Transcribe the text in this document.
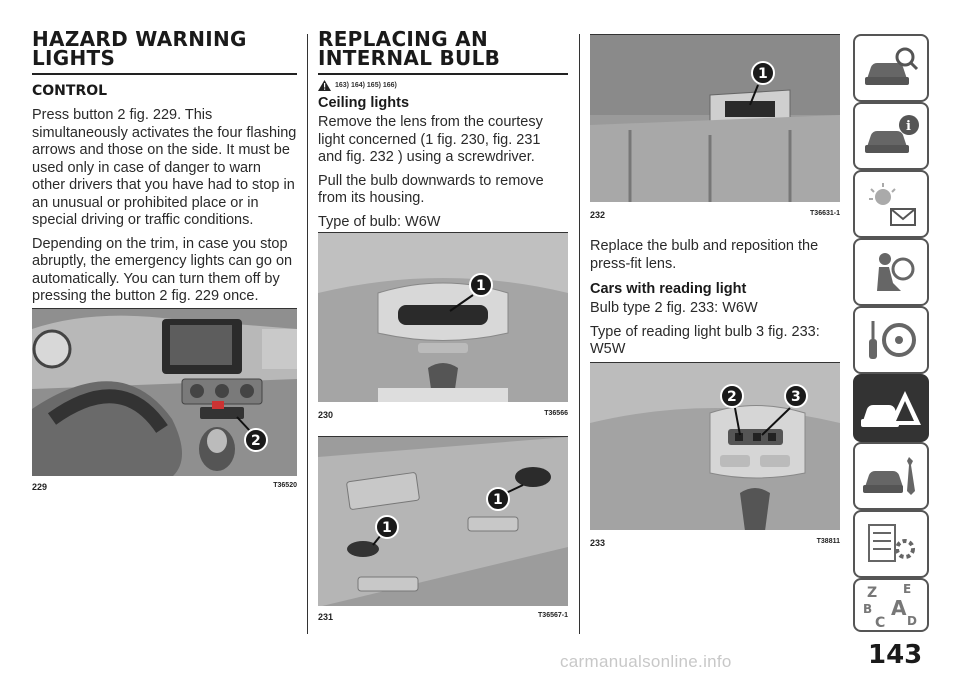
HAZARD WARNING
LIGHTS
CONTROL

Press button 2 fig. 229. This simultaneously activates the four flashing arrows and those on the side. It must be used only in case of danger to warn other drivers that you have had to stop in an unusual or prohibited place or in special driving or traffic conditions.

Depending on the trim, in case you stop abruptly, the emergency lights can go on automatically. You can turn them off by pressing the button 2 fig. 229 once.

2
229	T36520
REPLACING AN
INTERNAL BULB
163) 164) 165) 166)
Ceiling lights

Remove the lens from the courtesy light concerned (1 fig. 230, fig. 231 and fig. 232 ) using a screwdriver.

Pull the bulb downwards to remove from its housing.

Type of bulb: W6W

1
230	T36566
1
1
231	T36567-1
1
232	T36631-1

Replace the bulb and reposition the press-fit lens.

Cars with reading light

Bulb type 2 fig. 233: W6W

Type of reading light bulb 3 fig. 233: W5W

2	3
233	T38811
i
Z E
B A
C D
143
carmanualsonline.info
